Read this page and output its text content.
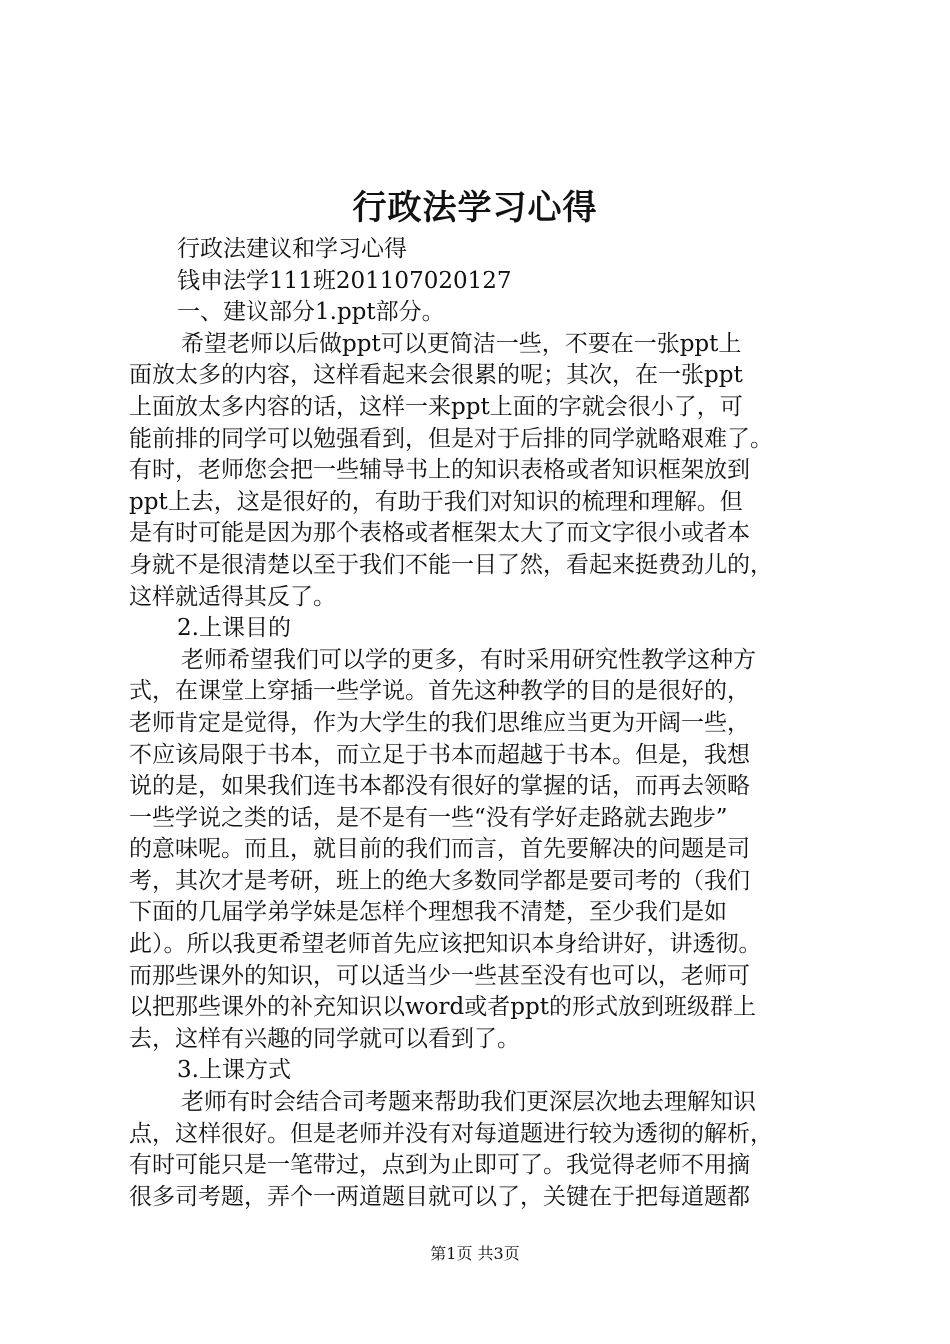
行政法学习心得
行政法建议和学习心得
钱申法学111班201107020127
一、建议部分1.ppt部分。
希望老师以后做ppt可以更简洁一些，不要在一张ppt上
面放太多的内容，这样看起来会很累的呢；其次，在一张ppt
上面放太多内容的话，这样一来ppt上面的字就会很小了，可
能前排的同学可以勉强看到，但是对于后排的同学就略艰难了。
有时，老师您会把一些辅导书上的知识表格或者知识框架放到
ppt上去，这是很好的，有助于我们对知识的梳理和理解。但
是有时可能是因为那个表格或者框架太大了而文字很小或者本
身就不是很清楚以至于我们不能一目了然，看起来挺费劲儿的，
这样就适得其反了。
2.上课目的
老师希望我们可以学的更多，有时采用研究性教学这种方
式，在课堂上穿插一些学说。首先这种教学的目的是很好的，
老师肯定是觉得，作为大学生的我们思维应当更为开阔一些，
不应该局限于书本，而立足于书本而超越于书本。但是，我想
说的是，如果我们连书本都没有很好的掌握的话，而再去领略
一些学说之类的话，是不是有一些“没有学好走路就去跑步”
的意味呢。而且，就目前的我们而言，首先要解决的问题是司
考，其次才是考研，班上的绝大多数同学都是要司考的（我们
下面的几届学弟学妹是怎样个理想我不清楚，至少我们是如
此）。所以我更希望老师首先应该把知识本身给讲好，讲透彻。
而那些课外的知识，可以适当少一些甚至没有也可以，老师可
以把那些课外的补充知识以word或者ppt的形式放到班级群上
去，这样有兴趣的同学就可以看到了。
3.上课方式
老师有时会结合司考题来帮助我们更深层次地去理解知识
点，这样很好。但是老师并没有对每道题进行较为透彻的解析，
有时可能只是一笔带过，点到为止即可了。我觉得老师不用摘
很多司考题，弄个一两道题目就可以了，关键在于把每道题都
第1页 共3页
